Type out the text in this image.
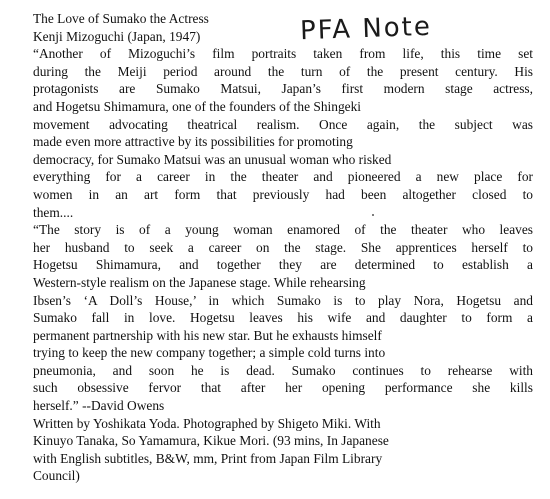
PFA Note

The Love of Sumako the Actress

Kenji Mizoguchi (Japan, 1947)

“Another of Mizoguchi’s film portraits taken from life, this time set

during the Meiji period around the turn of the present century. His

protagonists are Sumako Matsui, Japan’s first modern stage actress,

and Hogetsu Shimamura, one of the founders of the Shingeki

movement advocating theatrical realism. Once again, the subject was

made even more attractive by its possibilities for promoting

democracy, for Sumako Matsui was an unusual woman who risked

everything for a career in the theater and pioneered a new place for

women in an art form that previously had been altogether closed to

them....

“The story is of a young woman enamored of the theater who leaves

her husband to seek a career on the stage. She apprentices herself to

Hogetsu Shimamura, and together they are determined to establish a

Western-style realism on the Japanese stage. While rehearsing

Ibsen’s ‘A Doll’s House,’ in which Sumako is to play Nora, Hogetsu and

Sumako fall in love. Hogetsu leaves his wife and daughter to form a

permanent partnership with his new star. But he exhausts himself

trying to keep the new company together; a simple cold turns into

pneumonia, and soon he is dead. Sumako continues to rehearse with

such obsessive fervor that after her opening performance she kills

herself.” --David Owens

Written by Yoshikata Yoda. Photographed by Shigeto Miki. With

Kinuyo Tanaka, So Yamamura, Kikue Mori. (93 mins, In Japanese

with English subtitles, B&W, mm, Print from Japan Film Library

Council)
